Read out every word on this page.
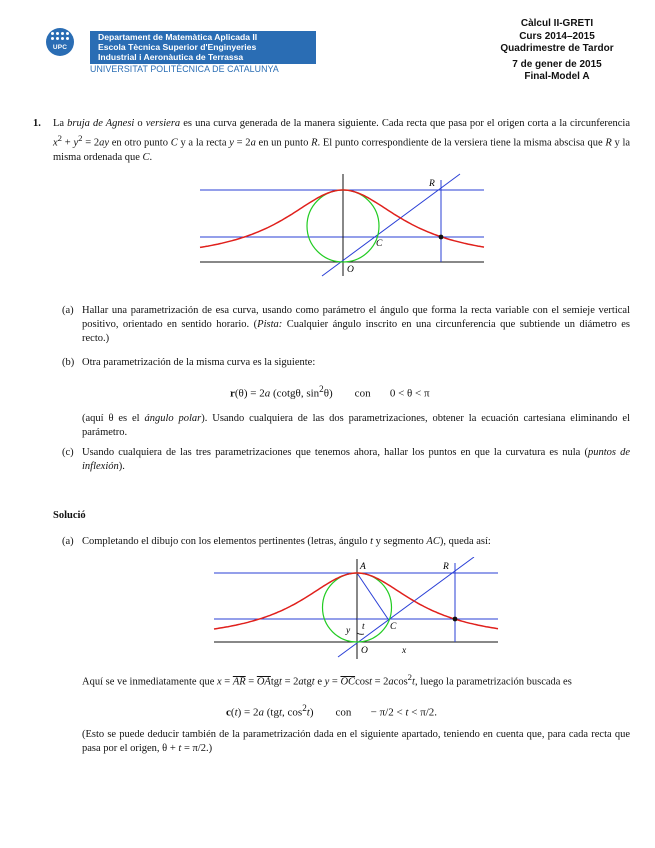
UPC
Departament de Matemàtica Aplicada II
Escola Tècnica Superior d'Enginyeries
Industrial i Aeronàutica de Terrassa
UNIVERSITAT POLITÈCNICA DE CATALUNYA
Càlcul II-GRETI
Curs 2014–2015
Quadrimestre de Tardor
7 de gener de 2015
Final-Model A
1. La bruja de Agnesi o versiera es una curva generada de la manera siguiente. Cada recta que pasa por el origen corta a la circunferencia $x^2 + y^2 = 2ay$ en otro punto C y a la recta y = 2a en un punto R. El punto correspondiente de la versiera tiene la misma abscisa que R y la misma ordenada que C.

R
C
O
(a) Hallar una parametrización de esa curva, usando como parámetro el ángulo que forma la recta variable con el semieje vertical positivo, orientado en sentido horario. (Pista: Cualquier ángulo inscrito en una circunferencia que subtiende un diámetro es recto.)

(b) Otra parametrización de la misma curva es la siguiente:

r(θ) = 2a (cotgθ, $\sin^2\theta$)        con       0 < θ < π

(aquí θ es el ángulo polar). Usando cualquiera de las dos parametrizaciones, obtener la ecuación cartesiana eliminando el parámetro.

(c) Usando cualquiera de las tres parametrizaciones que tenemos ahora, hallar los puntos en que la curvatura es nula (puntos de inflexión).

Solució
(a) Completando el dibujo con los elementos pertinentes (letras, ángulo t y segmento AC), queda así:

A	R
C
O	x
y t

Aquí se ve inmediatamente que $x = \overline{AR} = \overline{OA}tgt$ = 2atgt e $y = \overline{OC}\cos t = 2acos^2t$, luego la parametrización buscada es

c(t) = 2a (tgt, $\cos^2t$)        con       − π/2 < t < π/2.

(Esto se puede deducir también de la parametrización dada en el siguiente apartado, teniendo en cuenta que, para cada recta que pasa por el origen, θ + t = π/2.)
